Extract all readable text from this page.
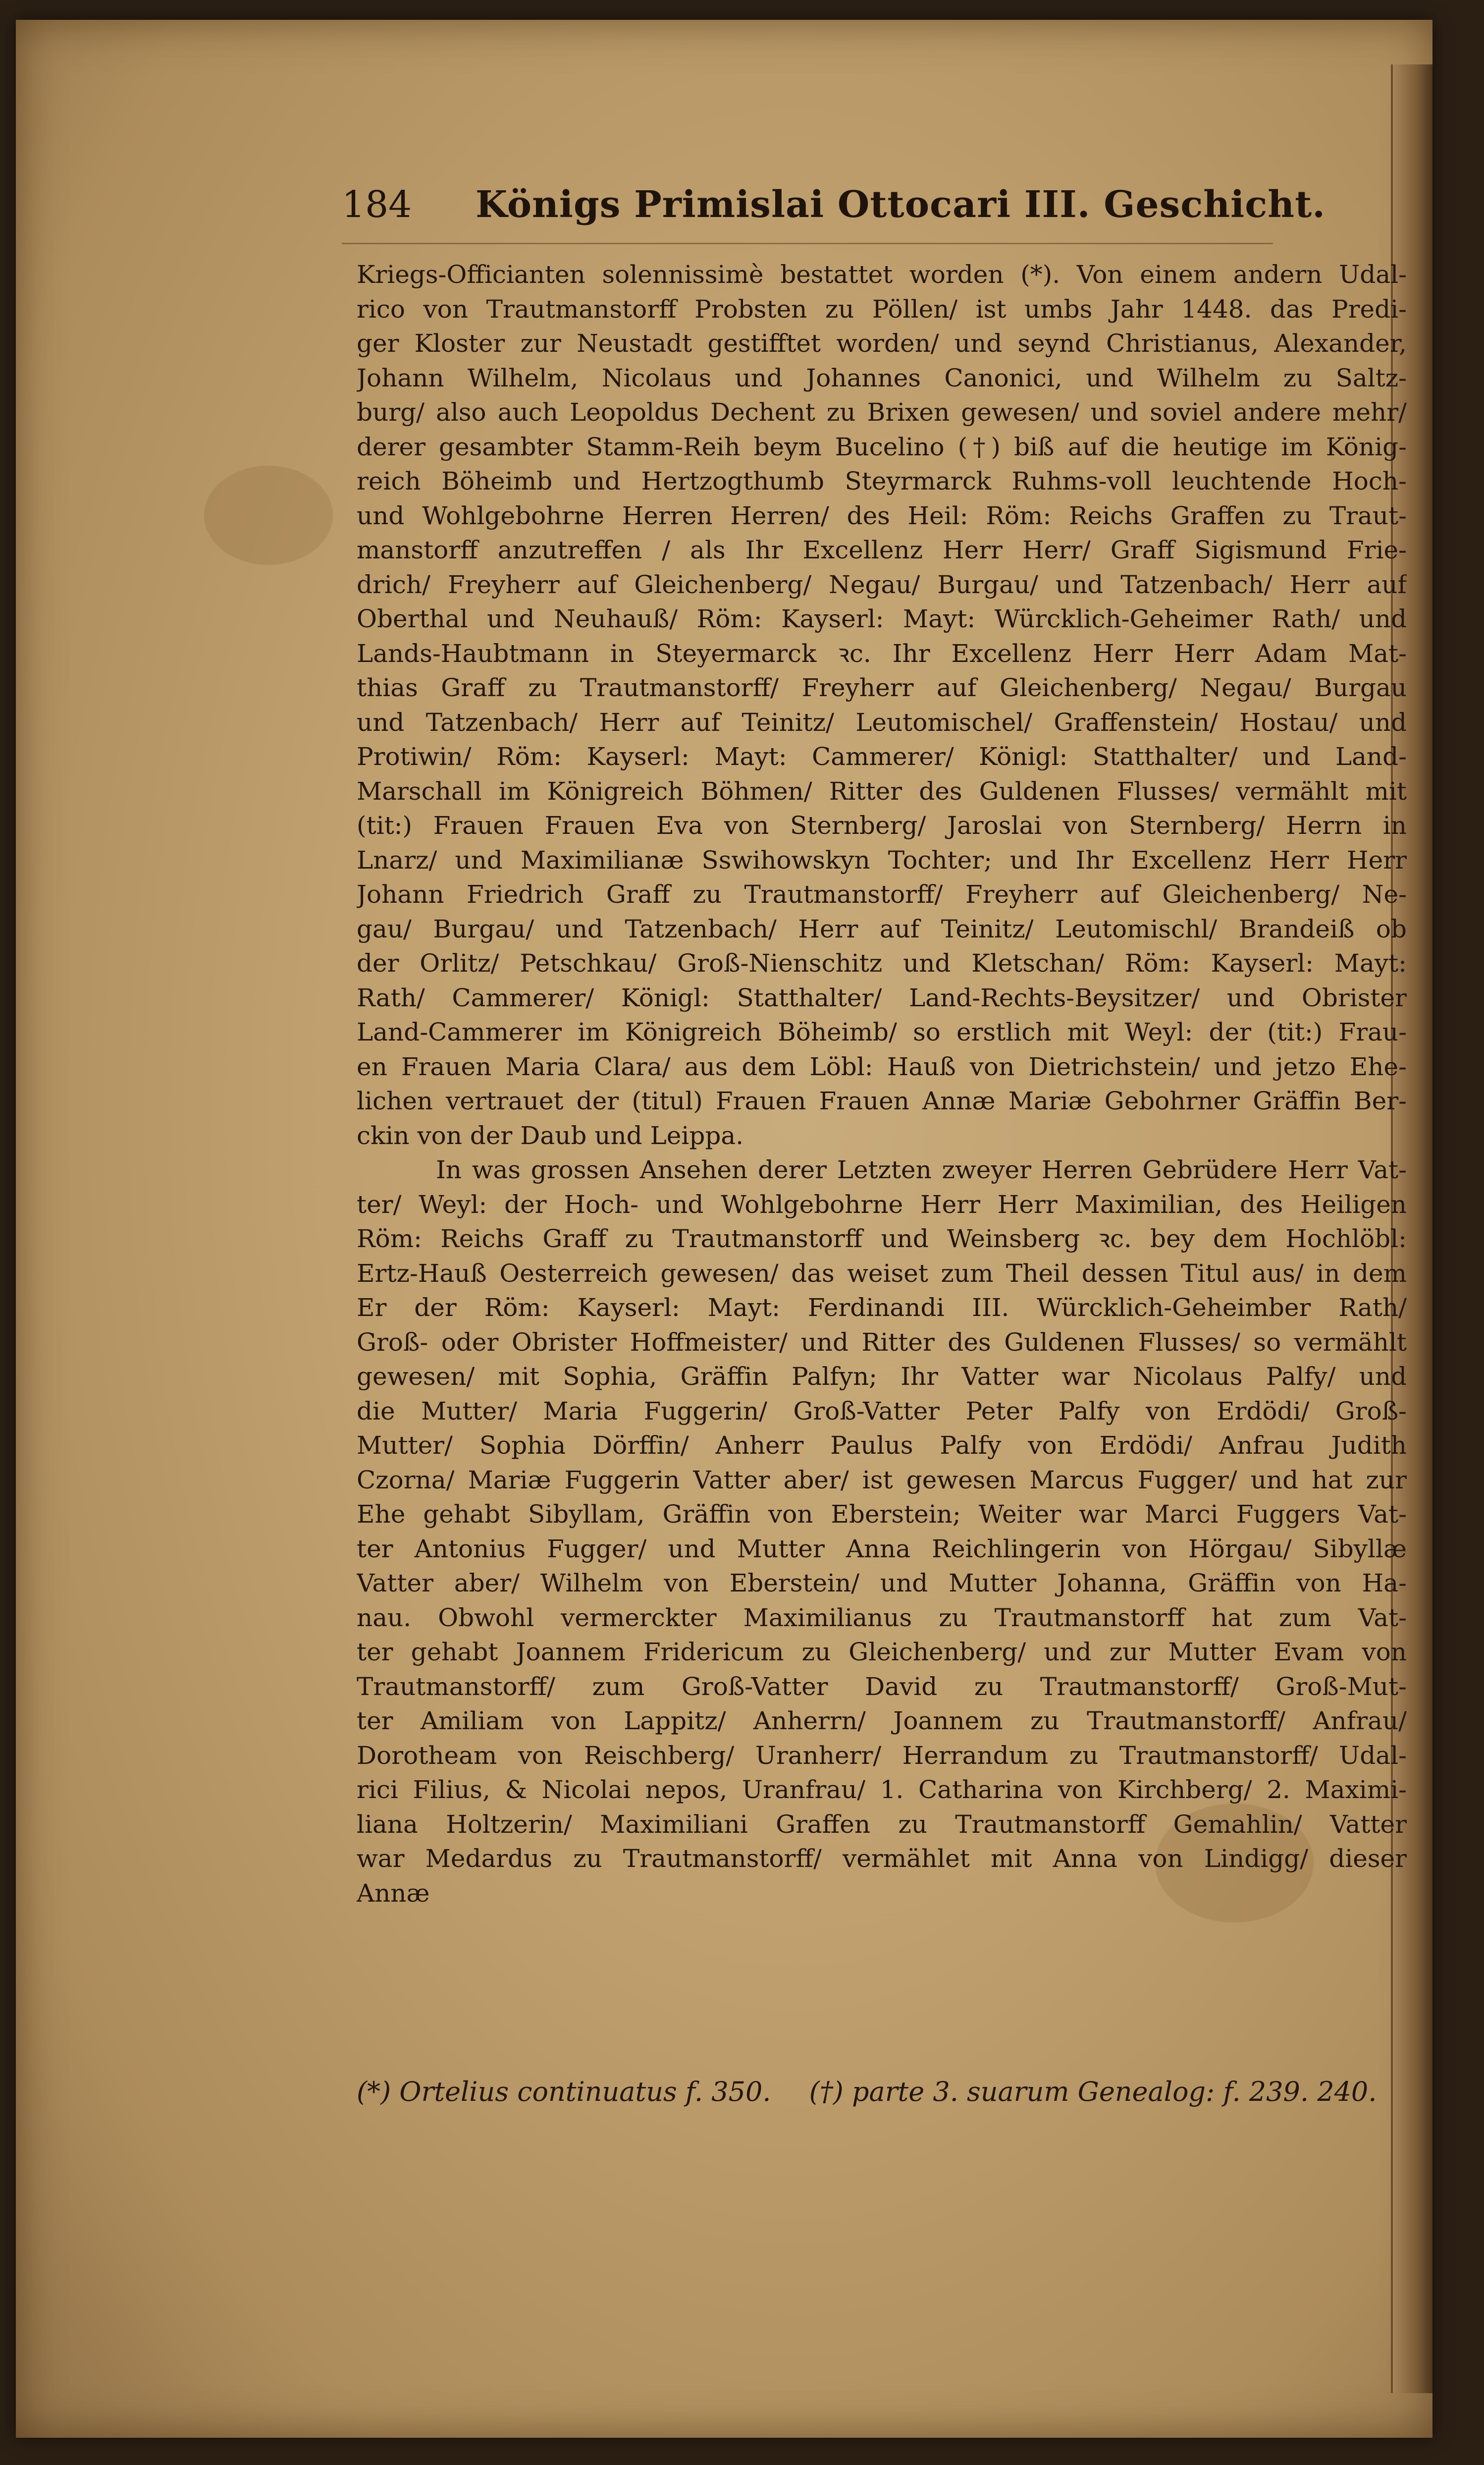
184 Königs Primislai Ottocari III. Geschicht.
Kriegs-Officianten solennissimè bestattet worden (*). Von einem andern Udal-
rico von Trautmanstorff Probsten zu Pöllen/ ist umbs Jahr 1448. das Predi-
ger Kloster zur Neustadt gestifftet worden/ und seynd Christianus, Alexander,
Johann Wilhelm, Nicolaus und Johannes Canonici, und Wilhelm zu Saltz-
burg/ also auch Leopoldus Dechent zu Brixen gewesen/ und soviel andere mehr/
derer gesambter Stamm-Reih beym Bucelino (†) biß auf die heutige im König-
reich Böheimb und Hertzogthumb Steyrmarck Ruhms-voll leuchtende Hoch-
und Wohlgebohrne Herren Herren/ des Heil: Röm: Reichs Graffen zu Traut-
manstorff anzutreffen / als Ihr Excellenz Herr Herr/ Graff Sigismund Frie-
drich/ Freyherr auf Gleichenberg/ Negau/ Burgau/ und Tatzenbach/ Herr auf
Oberthal und Neuhauß/ Röm: Kayserl: Mayt: Würcklich-Geheimer Rath/ und
Lands-Haubtmann in Steyermarck ꝛc. Ihr Excellenz Herr Herr Adam Mat-
thias Graff zu Trautmanstorff/ Freyherr auf Gleichenberg/ Negau/ Burgau
und Tatzenbach/ Herr auf Teinitz/ Leutomischel/ Graffenstein/ Hostau/ und
Protiwin/ Röm: Kayserl: Mayt: Cammerer/ Königl: Statthalter/ und Land-
Marschall im Königreich Böhmen/ Ritter des Guldenen Flusses/ vermählt mit
(tit:) Frauen Frauen Eva von Sternberg/ Jaroslai von Sternberg/ Herrn in
Lnarz/ und Maximilianæ Sswihowskyn Tochter; und Ihr Excellenz Herr Herr
Johann Friedrich Graff zu Trautmanstorff/ Freyherr auf Gleichenberg/ Ne-
gau/ Burgau/ und Tatzenbach/ Herr auf Teinitz/ Leutomischl/ Brandeiß ob
der Orlitz/ Petschkau/ Groß-Nienschitz und Kletschan/ Röm: Kayserl: Mayt:
Rath/ Cammerer/ Königl: Statthalter/ Land-Rechts-Beysitzer/ und Obrister
Land-Cammerer im Königreich Böheimb/ so erstlich mit Weyl: der (tit:) Frau-
en Frauen Maria Clara/ aus dem Löbl: Hauß von Dietrichstein/ und jetzo Ehe-
lichen vertrauet der (titul) Frauen Frauen Annæ Mariæ Gebohrner Gräffin Ber-
ckin von der Daub und Leippa.
In was grossen Ansehen derer Letzten zweyer Herren Gebrüdere Herr Vat-
ter/ Weyl: der Hoch- und Wohlgebohrne Herr Herr Maximilian, des Heiligen
Röm: Reichs Graff zu Trautmanstorff und Weinsberg ꝛc. bey dem Hochlöbl:
Ertz-Hauß Oesterreich gewesen/ das weiset zum Theil dessen Titul aus/ in dem
Er der Röm: Kayserl: Mayt: Ferdinandi III. Würcklich-Geheimber Rath/
Groß- oder Obrister Hoffmeister/ und Ritter des Guldenen Flusses/ so vermählt
gewesen/ mit Sophia, Gräffin Palfyn; Ihr Vatter war Nicolaus Palfy/ und
die Mutter/ Maria Fuggerin/ Groß-Vatter Peter Palfy von Erdödi/ Groß-
Mutter/ Sophia Dörffin/ Anherr Paulus Palfy von Erdödi/ Anfrau Judith
Czorna/ Mariæ Fuggerin Vatter aber/ ist gewesen Marcus Fugger/ und hat zur
Ehe gehabt Sibyllam, Gräffin von Eberstein; Weiter war Marci Fuggers Vat-
ter Antonius Fugger/ und Mutter Anna Reichlingerin von Hörgau/ Sibyllæ
Vatter aber/ Wilhelm von Eberstein/ und Mutter Johanna, Gräffin von Ha-
nau. Obwohl vermerckter Maximilianus zu Trautmanstorff hat zum Vat-
ter gehabt Joannem Fridericum zu Gleichenberg/ und zur Mutter Evam von
Trautmanstorff/ zum Groß-Vatter David zu Trautmanstorff/ Groß-Mut-
ter Amiliam von Lappitz/ Anherrn/ Joannem zu Trautmanstorff/ Anfrau/
Dorotheam von Reischberg/ Uranherr/ Herrandum zu Trautmanstorff/ Udal-
rici Filius, & Nicolai nepos, Uranfrau/ 1. Catharina von Kirchberg/ 2. Maximi-
liana Holtzerin/ Maximiliani Graffen zu Trautmanstorff Gemahlin/ Vatter
war Medardus zu Trautmanstorff/ vermählet mit Anna von Lindigg/ dieser
Annæ
(*) Ortelius continuatus f. 350. (†) parte 3. suarum Genealog: f. 239. 240.
